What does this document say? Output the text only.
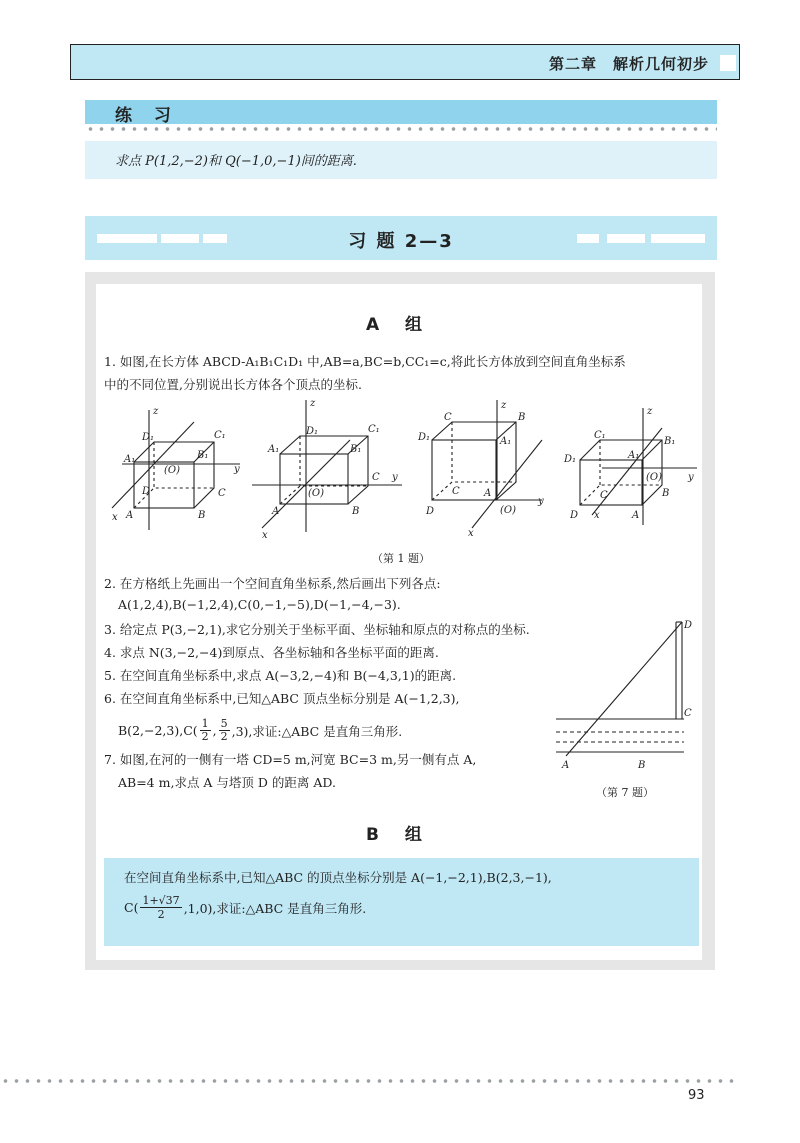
第二章　解析几何初步
练 习
求点 P(1,2,−2)和 Q(−1,0,−1)间的距离.
习 题 2—3
A 组
1. 如图,在长方体 ABCD-A₁B₁C₁D₁ 中,AB=a,BC=b,CC₁=c,将此长方体放到空间直角坐标系
中的不同位置,分别说出长方体各个顶点的坐标.
z
y
x
A₁
D₁	C₁
B₁
(O)
A	B
C
D
z
y
x
A₁
D₁	C₁
B₁
(O)
A	B
C
z
y
x
C	B
D₁	A₁
C
D
A
(O)
z
y
x
C₁
B₁
D₁	A₁
(O)
C
D	A
B
（第 1 题）
2. 在方格纸上先画出一个空间直角坐标系,然后画出下列各点:
A(1,2,4),B(−1,2,4),C(0,−1,−5),D(−1,−4,−3).
3. 给定点 P(3,−2,1),求它分别关于坐标平面、坐标轴和原点的对称点的坐标.
4. 求点 N(3,−2,−4)到原点、各坐标轴和各坐标平面的距离.
5. 在空间直角坐标系中,求点 A(−3,2,−4)和 B(−4,3,1)的距离.
6. 在空间直角坐标系中,已知△ABC 顶点坐标分别是 A(−1,2,3),
$B(2,-2,3),C( \frac{1}{2}$ , $\frac{5}{2} ,3$),求证:△ABC 是直角三角形.
7. 如图,在河的一侧有一塔 CD=5 m,河宽 BC=3 m,另一侧有点 A,
AB=4 m,求点 A 与塔顶 D 的距离 AD.
D
C
A	B
（第 7 题）
B 组
在空间直角坐标系中,已知△ABC 的顶点坐标分别是 A(−1,−2,1),B(2,3,−1),
$C( \frac{1+√37}{2} ,1,0)$,求证:△ABC 是直角三角形.
93
